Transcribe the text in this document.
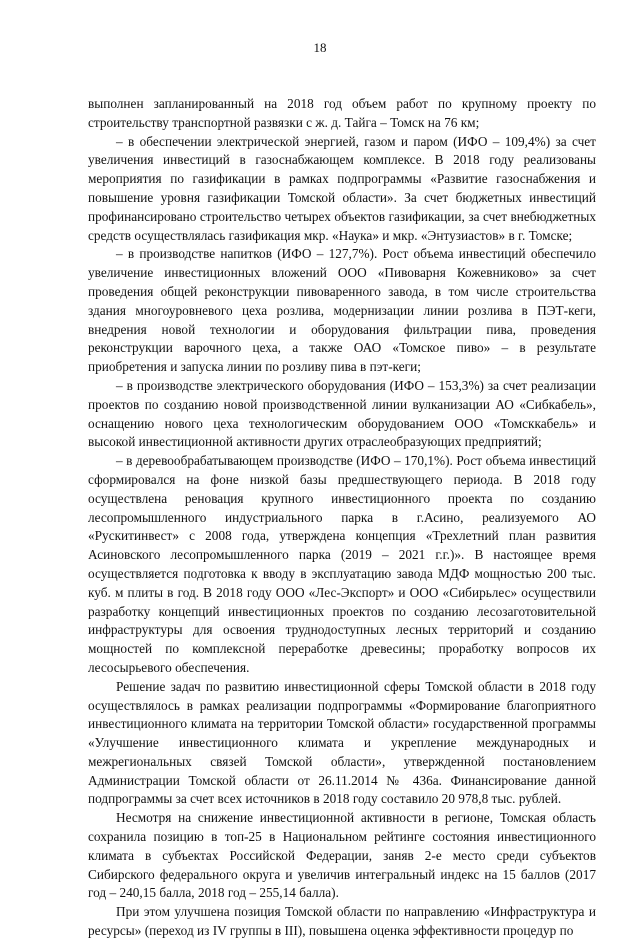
18

выполнен запланированный на 2018 год объем работ по крупному проекту по строительству транспортной развязки с ж. д. Тайга – Томск на 76 км;

– в обеспечении электрической энергией, газом и паром (ИФО – 109,4%) за счет увеличения инвестиций в газоснабжающем комплексе. В 2018 году реализованы мероприятия по газификации в рамках подпрограммы «Развитие газоснабжения и повышение уровня газификации Томской области». За счет бюджетных инвестиций профинансировано строительство четырех объектов газификации, за счет внебюджетных средств осуществлялась газификация мкр. «Наука» и мкр. «Энтузиастов» в г. Томске;

– в производстве напитков (ИФО – 127,7%). Рост объема инвестиций обеспечило увеличение инвестиционных вложений ООО «Пивоварня Кожевниково» за счет проведения общей реконструкции пивоваренного завода, в том числе строительства здания многоуровневого цеха розлива, модернизации линии розлива в ПЭТ-кеги, внедрения новой технологии и оборудования фильтрации пива, проведения реконструкции варочного цеха, а также ОАО «Томское пиво» – в результате приобретения и запуска линии по розливу пива в пэт-кеги;

– в производстве электрического оборудования (ИФО – 153,3%) за счет реализации проектов по созданию новой производственной линии вулканизации АО «Сибкабель», оснащению нового цеха технологическим оборудованием ООО «Томсккабель» и высокой инвестиционной активности других отраслеобразующих предприятий;

– в деревообрабатывающем производстве (ИФО – 170,1%). Рост объема инвестиций сформировался на фоне низкой базы предшествующего периода. В 2018 году осуществлена реновация крупного инвестиционного проекта по созданию лесопромышленного индустриального парка в г.Асино, реализуемого АО «Рускитинвест» с 2008 года, утверждена концепция «Трехлетний план развития Асиновского лесопромышленного парка (2019 – 2021 г.г.)». В настоящее время осуществляется подготовка к вводу в эксплуатацию завода МДФ мощностью 200 тыс. куб. м плиты в год. В 2018 году ООО «Лес-Экспорт» и ООО «Сибирьлес» осуществили разработку концепций инвестиционных проектов по созданию лесозаготовительной инфраструктуры для освоения труднодоступных лесных территорий и созданию мощностей по комплексной переработке древесины; проработку вопросов их лесосырьевого обеспечения.

Решение задач по развитию инвестиционной сферы Томской области в 2018 году осуществлялось в рамках реализации подпрограммы «Формирование благоприятного инвестиционного климата на территории Томской области» государственной программы «Улучшение инвестиционного климата и укрепление международных и межрегиональных связей Томской области», утвержденной постановлением Администрации Томской области от 26.11.2014 № 436а. Финансирование данной подпрограммы за счет всех источников в 2018 году составило 20 978,8 тыс. рублей.

Несмотря на снижение инвестиционной активности в регионе, Томская область сохранила позицию в топ-25 в Национальном рейтинге состояния инвестиционного климата в субъектах Российской Федерации, заняв 2-е место среди субъектов Сибирского федерального округа и увеличив интегральный индекс на 15 баллов (2017 год – 240,15 балла, 2018 год – 255,14 балла).

При этом улучшена позиция Томской области по направлению «Инфраструктура и ресурсы» (переход из IV группы в III), повышена оценка эффективности процедур по
